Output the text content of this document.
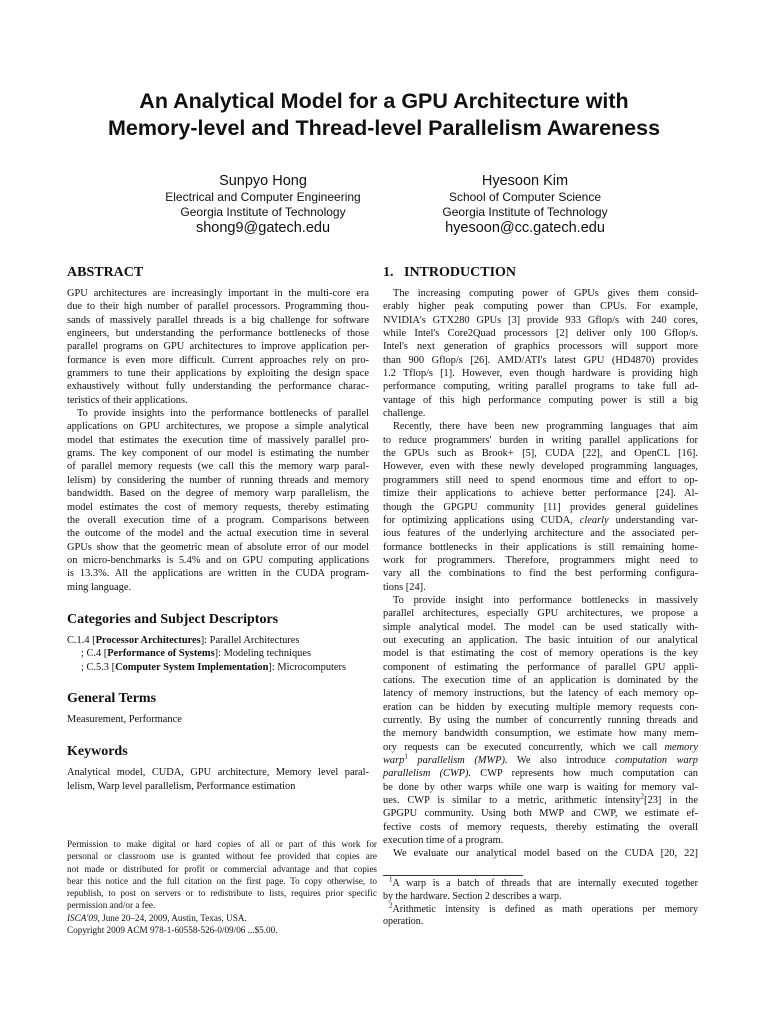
An Analytical Model for a GPU Architecture with
Memory-level and Thread-level Parallelism Awareness
Sunpyo Hong
Electrical and Computer Engineering
Georgia Institute of Technology
shong9@gatech.edu
Hyesoon Kim
School of Computer Science
Georgia Institute of Technology
hyesoon@cc.gatech.edu
ABSTRACT

GPU architectures are increasingly important in the multi-core era
due to their high number of parallel processors. Programming thou-
sands of massively parallel threads is a big challenge for software
engineers, but understanding the performance bottlenecks of those
parallel programs on GPU architectures to improve application per-
formance is even more difficult. Current approaches rely on pro-
grammers to tune their applications by exploiting the design space
exhaustively without fully understanding the performance charac-
teristics of their applications.

To provide insights into the performance bottlenecks of parallel
applications on GPU architectures, we propose a simple analytical
model that estimates the execution time of massively parallel pro-
grams. The key component of our model is estimating the number
of parallel memory requests (we call this the memory warp paral-
lelism) by considering the number of running threads and memory
bandwidth. Based on the degree of memory warp parallelism, the
model estimates the cost of memory requests, thereby estimating
the overall execution time of a program. Comparisons between
the outcome of the model and the actual execution time in several
GPUs show that the geometric mean of absolute error of our model
on micro-benchmarks is 5.4% and on GPU computing applications
is 13.3%. All the applications are written in the CUDA program-
ming language.

Categories and Subject Descriptors
C.1.4 [Processor Architectures]: Parallel Architectures
; C.4 [Performance of Systems]: Modeling techniques
; C.5.3 [Computer System Implementation]: Microcomputers
General Terms
Measurement, Performance
Keywords

Analytical model, CUDA, GPU architecture, Memory level paral-
lelism, Warp level parallelism, Performance estimation

Permission to make digital or hard copies of all or part of this work for
personal or classroom use is granted without fee provided that copies are
not made or distributed for profit or commercial advantage and that copies
bear this notice and the full citation on the first page. To copy otherwise, to
republish, to post on servers or to redistribute to lists, requires prior specific
permission and/or a fee.
ISCA'09, June 20–24, 2009, Austin, Texas, USA.
Copyright 2009 ACM 978-1-60558-526-0/09/06 ...$5.00.
1.   INTRODUCTION

The increasing computing power of GPUs gives them consid-
erably higher peak computing power than CPUs. For example,
NVIDIA's GTX280 GPUs [3] provide 933 Gflop/s with 240 cores,
while Intel's Core2Quad processors [2] deliver only 100 Gflop/s.
Intel's next generation of graphics processors will support more
than 900 Gflop/s [26]. AMD/ATI's latest GPU (HD4870) provides
1.2 Tflop/s [1]. However, even though hardware is providing high
performance computing, writing parallel programs to take full ad-
vantage of this high performance computing power is still a big
challenge.

Recently, there have been new programming languages that aim
to reduce programmers' burden in writing parallel applications for
the GPUs such as Brook+ [5], CUDA [22], and OpenCL [16].
However, even with these newly developed programming languages,
programmers still need to spend enormous time and effort to op-
timize their applications to achieve better performance [24]. Al-
though the GPGPU community [11] provides general guidelines
for optimizing applications using CUDA, clearly understanding var-
ious features of the underlying architecture and the associated per-
formance bottlenecks in their applications is still remaining home-
work for programmers. Therefore, programmers might need to
vary all the combinations to find the best performing configura-
tions [24].

To provide insight into performance bottlenecks in massively
parallel architectures, especially GPU architectures, we propose a
simple analytical model. The model can be used statically with-
out executing an application. The basic intuition of our analytical
model is that estimating the cost of memory operations is the key
component of estimating the performance of parallel GPU appli-
cations. The execution time of an application is dominated by the
latency of memory instructions, but the latency of each memory op-
eration can be hidden by executing multiple memory requests con-
currently. By using the number of concurrently running threads and
the memory bandwidth consumption, we estimate how many mem-
ory requests can be executed concurrently, which we call memory
warp$^1$ parallelism (MWP). We also introduce computation warp
parallelism (CWP). CWP represents how much computation can
be done by other warps while one warp is waiting for memory val-
ues. CWP is similar to a metric, arithmetic intensity$^2$[23] in the
GPGPU community. Using both MWP and CWP, we estimate ef-
fective costs of memory requests, thereby estimating the overall
execution time of a program.

We evaluate our analytical model based on the CUDA [20, 22]

$^1$A warp is a batch of threads that are internally executed together
by the hardware. Section 2 describes a warp.
$^2$Arithmetic intensity is defined as math operations per memory
operation.
